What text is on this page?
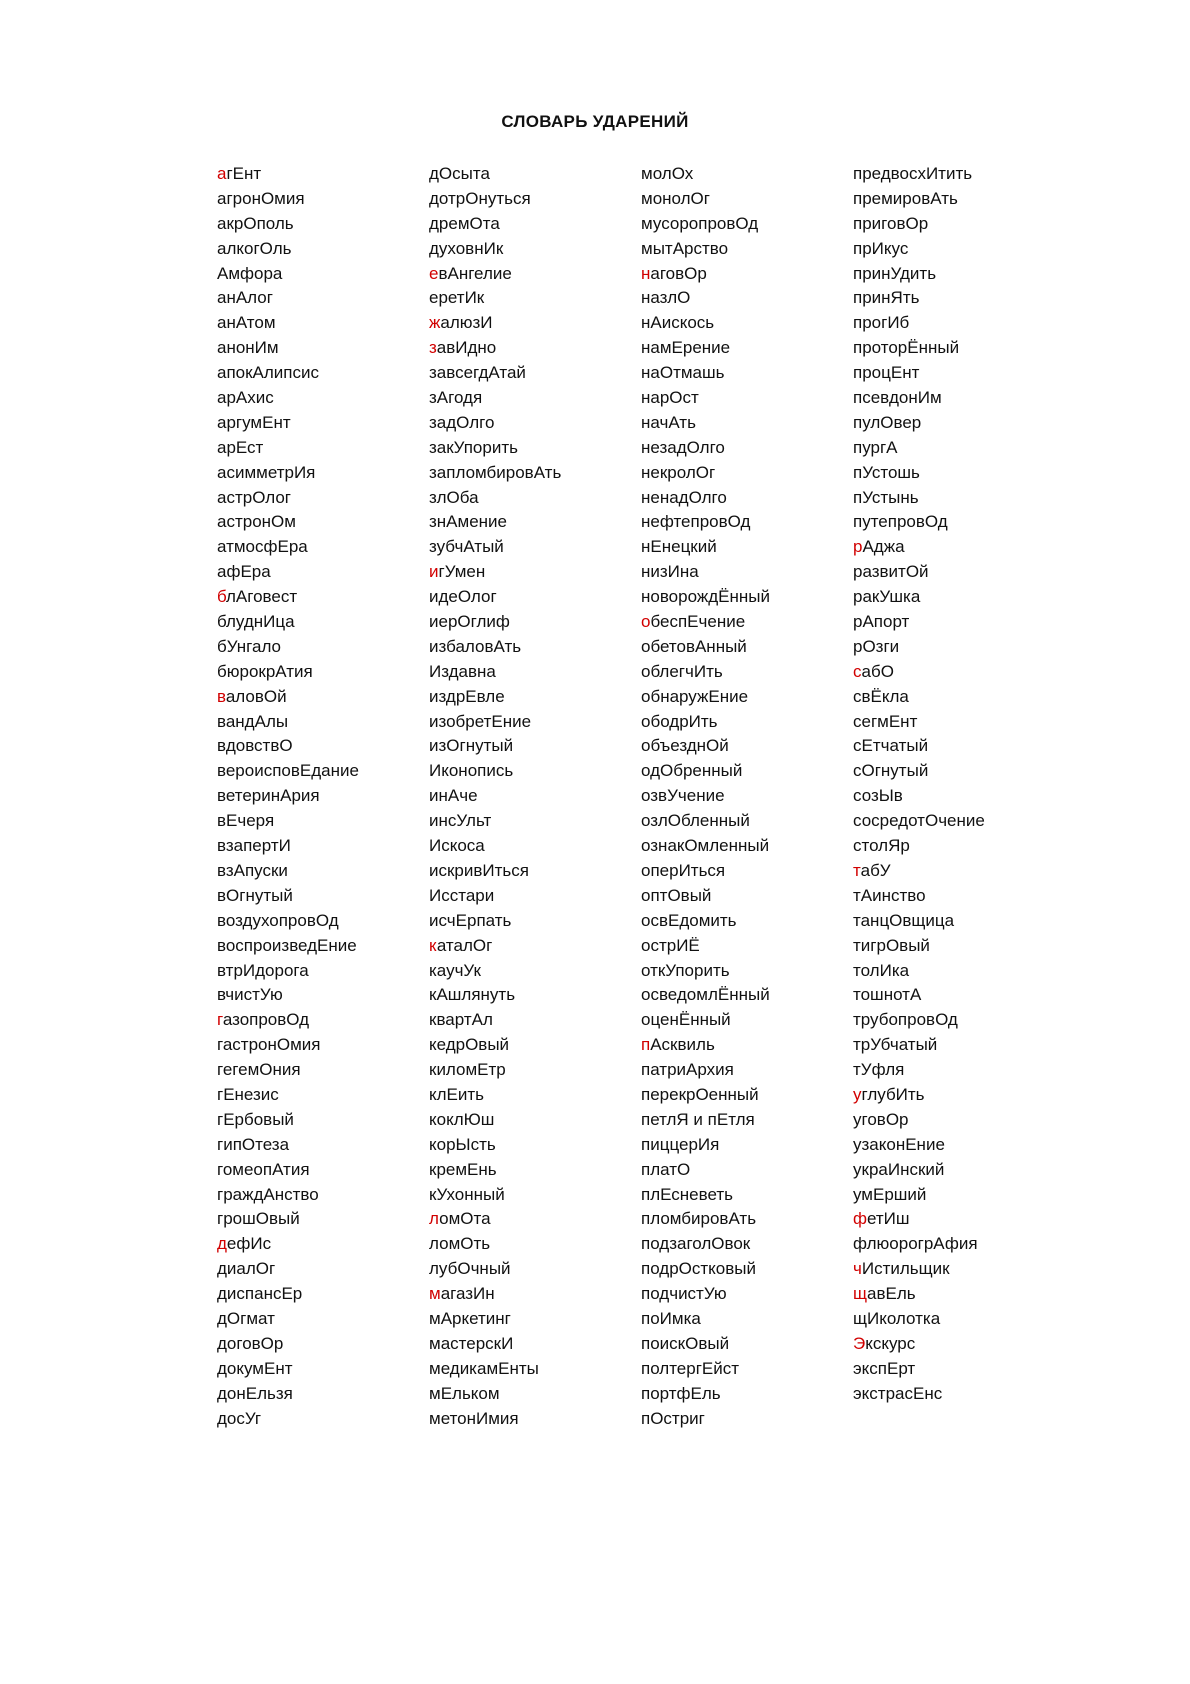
СЛОВАРЬ УДАРЕНИЙ
агЕнт
агронОмия
акрОполь
алкогОль
Амфора
анАлог
анАтом
анонИм
апокАлипсис
арАхис
аргумЕнт
арЕст
асимметрИя
астрОлог
астронОм
атмосфЕра
афЕра
блАговест
блуднИца
бУнгало
бюрокрАтия
валовОй
вандАлы
вдовствО
вероисповЕдание
ветеринАрия
вЕчеря
взапертИ
взАпуски
вОгнутый
воздухопровОд
воспроизведЕние
втрИдорога
вчистУю
газопровОд
гастронОмия
гегемОния
гЕнезис
гЕрбовый
гипОтеза
гомеопАтия
граждАнство
грошОвый
дефИс
диалОг
диспансЕр
дОгмат
договОр
докумЕнт
донЕльзя
досУг
дОсыта
дотрОнуться
дремОта
духовнИк
евАнгелие
еретИк
жалюзИ
завИдно
завсегдАтай
зАгодя
задОлго
закУпорить
запломбировАть
злОба
знАмение
зубчАтый
игУмен
идеОлог
иерОглиф
избаловАть
Издавна
издрЕвле
изобретЕние
изОгнутый
Иконопись
инАче
инсУльт
Искоса
искривИться
Исстари
исчЕрпать
каталОг
каучУк
кАшлянуть
квартАл
кедрОвый
киломЕтр
клЕить
коклЮш
корЫсть
кремЕнь
кУхонный
ломОта
ломОть
лубОчный
магазИн
мАркетинг
мастерскИ
медикамЕнты
мЕльком
метонИмия
молОх
монолОг
мусоропровОд
мытАрство
наговОр
назлО
нАискось
намЕрение
наОтмашь
нарОст
начАть
незадОлго
некролОг
ненадОлго
нефтепровОд
нЕнецкий
низИна
новорождЁнный
обеспЕчение
обетовАнный
облегчИть
обнаружЕние
ободрИть
объезднОй
одОбренный
озвУчение
озлОбленный
ознакОмленный
оперИться
оптОвый
освЕдомить
острИЁ
откУпорить
осведомлЁнный
оценЁнный
пАсквиль
патриАрхия
перекрОенный
петлЯ и пЕтля
пиццерИя
платО
плЕсневеть
пломбировАть
подзаголОвок
подрОстковый
подчистУю
поИмка
поискОвый
полтергЕйст
портфЕль
пОстриг
предвосхИтить
премировАть
приговОр
прИкус
принУдить
принЯть
прогИб
проторЁнный
процЕнт
псевдонИм
пулОвер
пургА
пУстошь
пУстынь
путепровОд
рАджа
развитОй
ракУшка
рАпорт
рОзги
сабО
свЁкла
сегмЕнт
сЕтчатый
сОгнутый
созЫв
сосредотОчение
столЯр
табУ
тАинство
танцОвщица
тигрОвый
толИка
тошнотА
трубопровОд
трУбчатый
тУфля
углубИть
уговОр
узаконЕние
украИнский
умЕрший
фетИш
флюорогрАфия
чИстильщик
щавЕль
щИколотка
Экскурс
экспЕрт
экстрасЕнс
